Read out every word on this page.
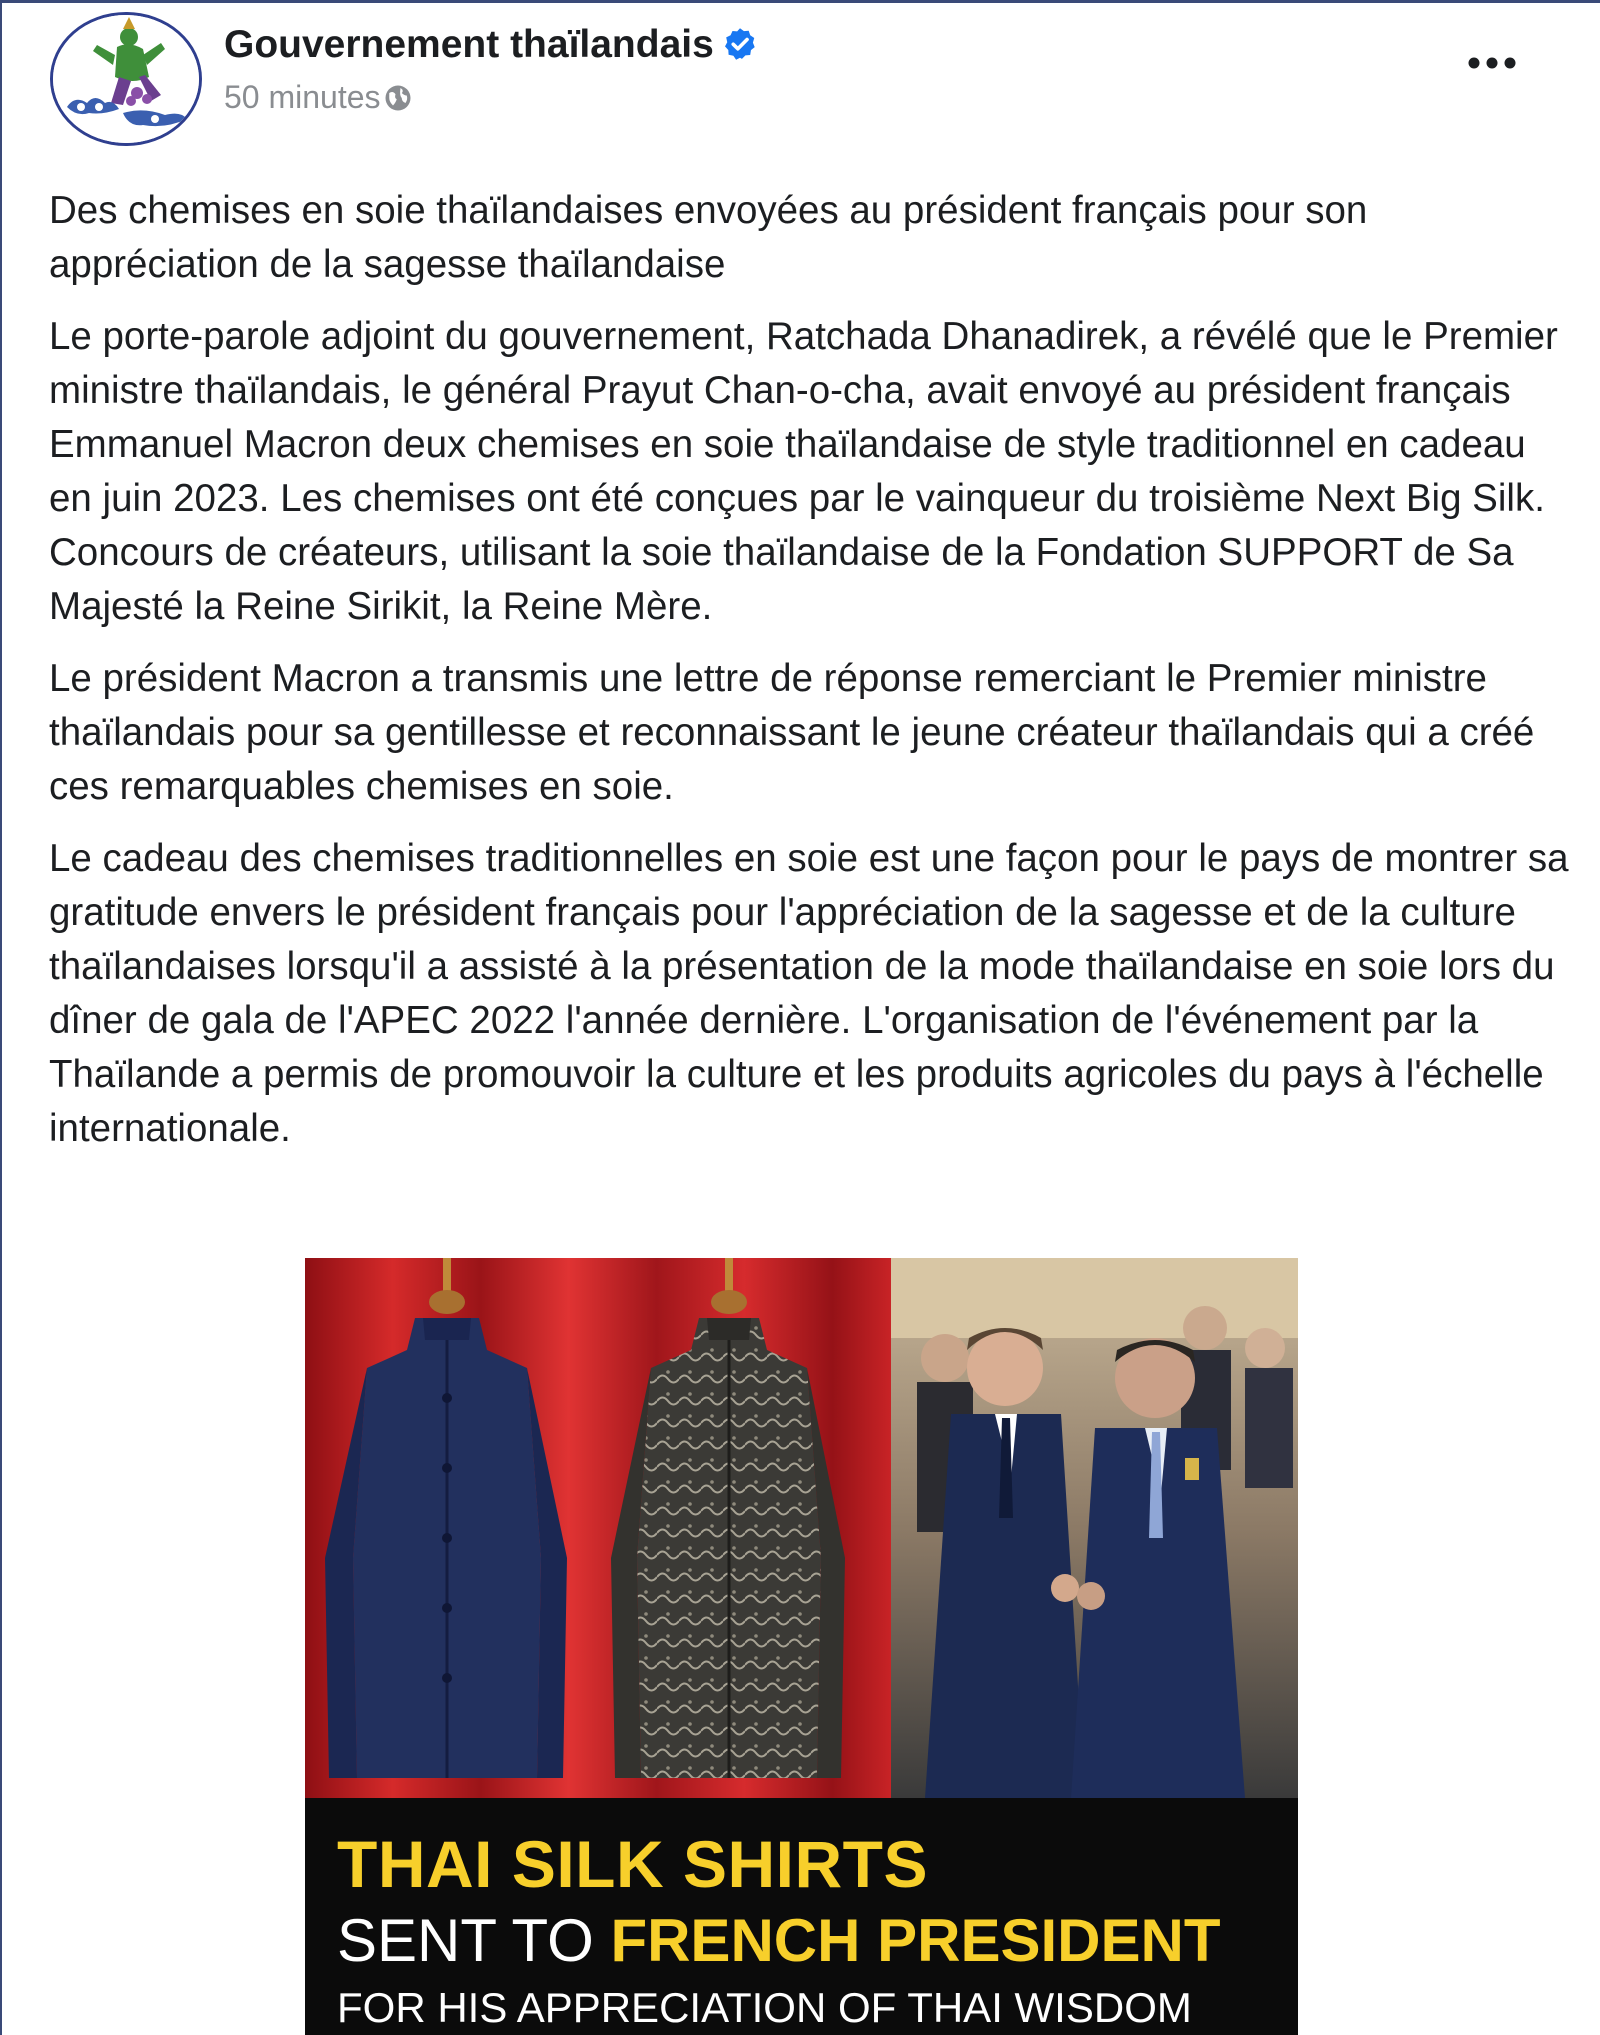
Gouvernement thaïlandais
50 minutes

Des chemises en soie thaïlandaises envoyées au président français pour son appréciation de la sagesse thaïlandaise

Le porte-parole adjoint du gouvernement, Ratchada Dhanadirek, a révélé que le Premier ministre thaïlandais, le général Prayut Chan-o-cha, avait envoyé au président français Emmanuel Macron deux chemises en soie thaïlandaise de style traditionnel en cadeau en juin 2023. Les chemises ont été conçues par le vainqueur du troisième Next Big Silk. Concours de créateurs, utilisant la soie thaïlandaise de la Fondation SUPPORT de Sa Majesté la Reine Sirikit, la Reine Mère.

Le président Macron a transmis une lettre de réponse remerciant le Premier ministre thaïlandais pour sa gentillesse et reconnaissant le jeune créateur thaïlandais qui a créé ces remarquables chemises en soie.

Le cadeau des chemises traditionnelles en soie est une façon pour le pays de montrer sa gratitude envers le président français pour l'appréciation de la sagesse et de la culture thaïlandaises lorsqu'il a assisté à la présentation de la mode thaïlandaise en soie lors du dîner de gala de l'APEC 2022 l'année dernière. L'organisation de l'événement par la Thaïlande a permis de promouvoir la culture et les produits agricoles du pays à l'échelle internationale.

THAI SILK SHIRTS
SENT TO FRENCH PRESIDENT
FOR HIS APPRECIATION OF THAI WISDOM
